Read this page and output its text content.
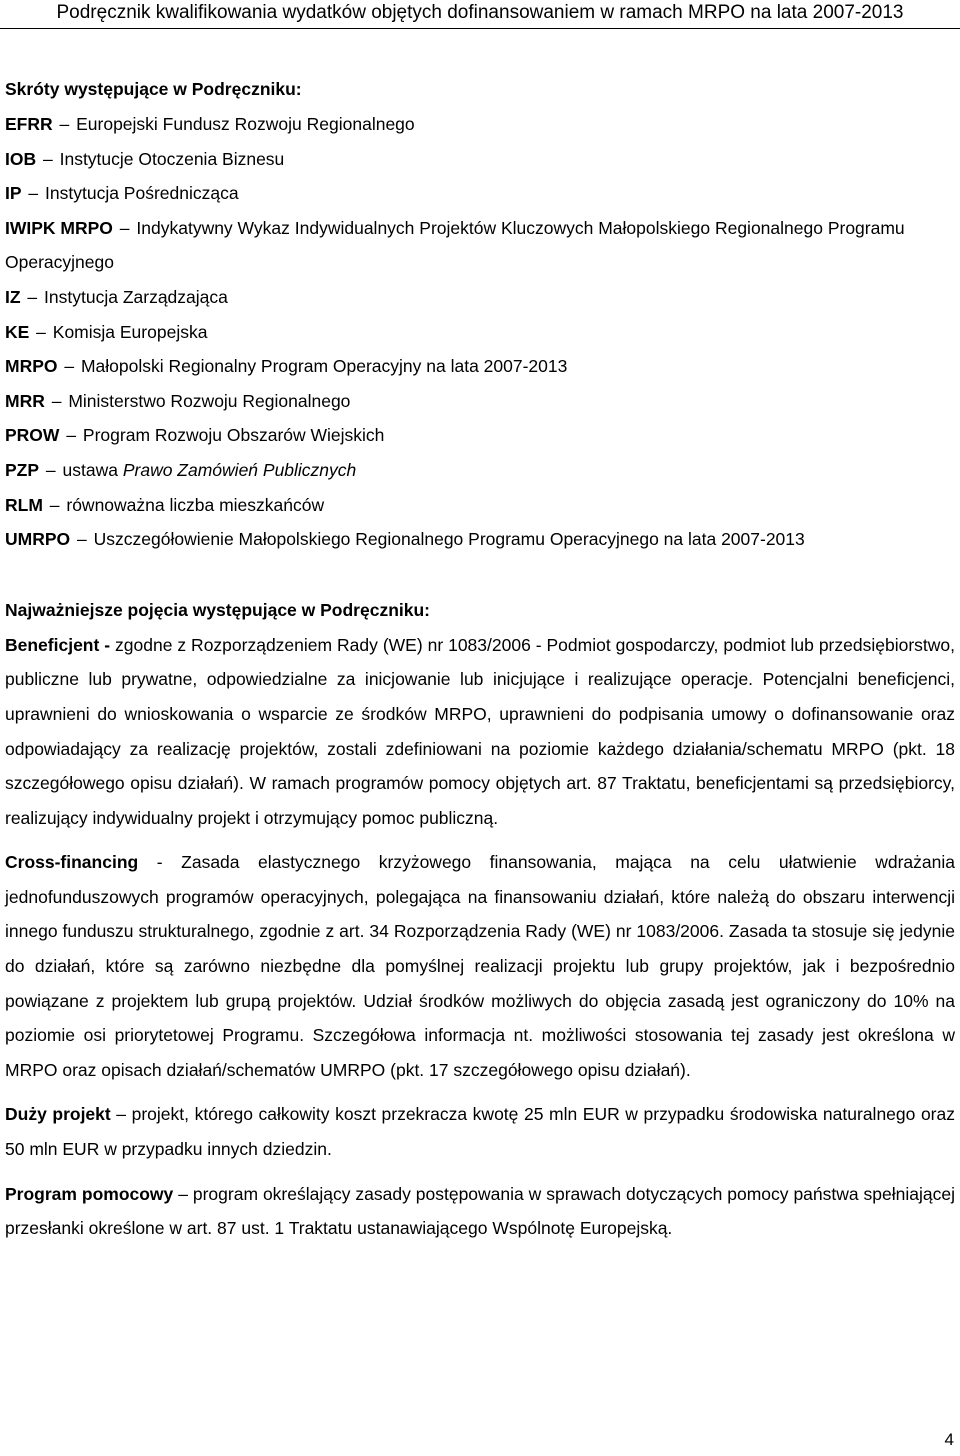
Podręcznik kwalifikowania wydatków objętych dofinansowaniem w ramach MRPO na lata 2007-2013

Skróty występujące w Podręczniku:

EFRR – Europejski Fundusz Rozwoju Regionalnego
IOB – Instytucje Otoczenia Biznesu
IP – Instytucja Pośrednicząca
IWIPK MRPO – Indykatywny Wykaz Indywidualnych Projektów Kluczowych Małopolskiego Regionalnego Programu Operacyjnego
IZ – Instytucja Zarządzająca
KE – Komisja Europejska
MRPO – Małopolski Regionalny Program Operacyjny na lata 2007-2013
MRR – Ministerstwo Rozwoju Regionalnego
PROW – Program Rozwoju Obszarów Wiejskich
PZP – ustawa Prawo Zamówień Publicznych
RLM – równoważna liczba mieszkańców
UMRPO – Uszczegółowienie Małopolskiego Regionalnego Programu Operacyjnego na lata 2007-2013

Najważniejsze pojęcia występujące w Podręczniku:

Beneficjent - zgodne z Rozporządzeniem Rady (WE) nr 1083/2006 - Podmiot gospodarczy, podmiot lub przedsiębiorstwo, publiczne lub prywatne, odpowiedzialne za inicjowanie lub inicjujące i realizujące operacje. Potencjalni beneficjenci, uprawnieni do wnioskowania o wsparcie ze środków MRPO, uprawnieni do podpisania umowy o dofinansowanie oraz odpowiadający za realizację projektów, zostali zdefiniowani na poziomie każdego działania/schematu MRPO (pkt. 18 szczegółowego opisu działań). W ramach programów pomocy objętych art. 87 Traktatu, beneficjentami są przedsiębiorcy, realizujący indywidualny projekt i otrzymujący pomoc publiczną.

Cross-financing - Zasada elastycznego krzyżowego finansowania, mająca na celu ułatwienie wdrażania jednofunduszowych programów operacyjnych, polegająca na finansowaniu działań, które należą do obszaru interwencji innego funduszu strukturalnego, zgodnie z art. 34 Rozporządzenia Rady (WE) nr 1083/2006. Zasada ta stosuje się jedynie do działań, które są zarówno niezbędne dla pomyślnej realizacji projektu lub grupy projektów, jak i bezpośrednio powiązane z projektem lub grupą projektów. Udział środków możliwych do objęcia zasadą jest ograniczony do 10% na poziomie osi priorytetowej Programu. Szczegółowa informacja nt. możliwości stosowania tej zasady jest określona w MRPO oraz opisach działań/schematów UMRPO (pkt. 17 szczegółowego opisu działań).

Duży projekt – projekt, którego całkowity koszt przekracza kwotę 25 mln EUR w przypadku środowiska naturalnego oraz 50 mln EUR w przypadku innych dziedzin.

Program pomocowy – program określający zasady postępowania w sprawach dotyczących pomocy państwa spełniającej przesłanki określone w art. 87 ust. 1 Traktatu ustanawiającego Wspólnotę Europejską.

4
